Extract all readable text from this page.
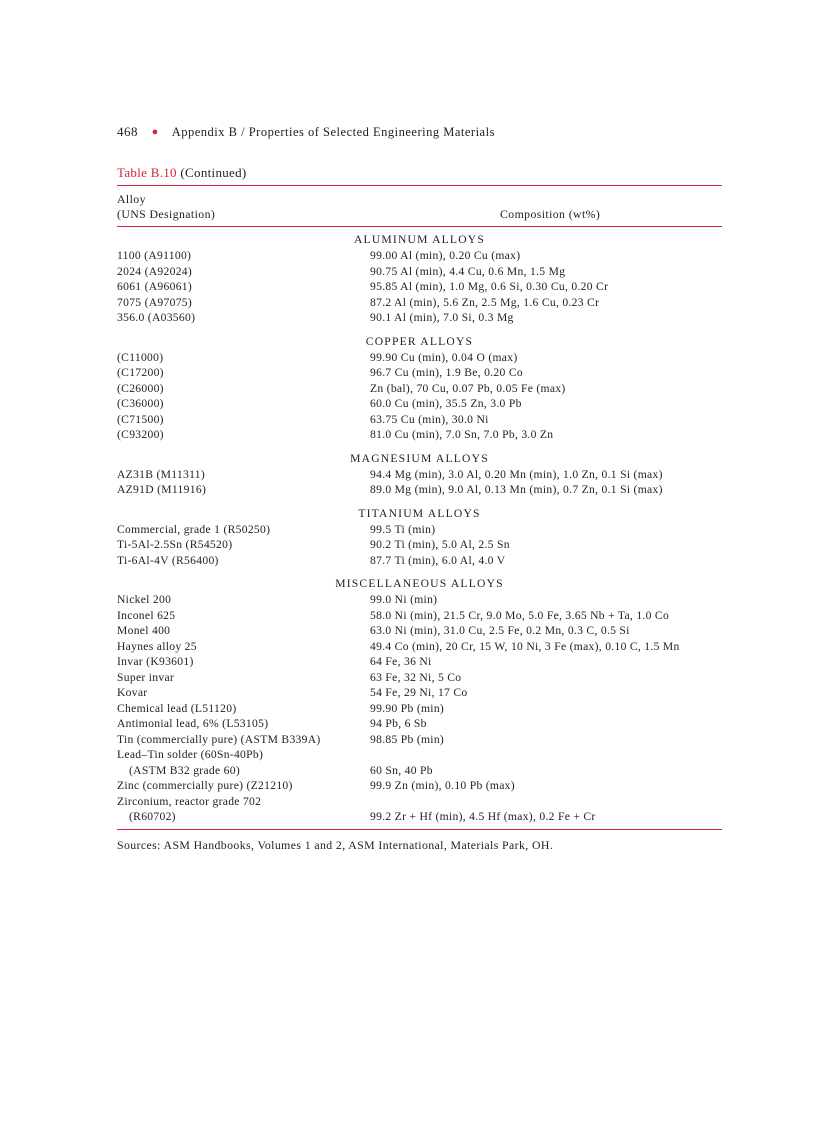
468 ● Appendix B / Properties of Selected Engineering Materials
Table B.10 (Continued)
Alloy
(UNS Designation)	Composition (wt%)
ALUMINUM ALLOYS
1100 (A91100)	99.00 Al (min), 0.20 Cu (max)
2024 (A92024)	90.75 Al (min), 4.4 Cu, 0.6 Mn, 1.5 Mg
6061 (A96061)	95.85 Al (min), 1.0 Mg, 0.6 Si, 0.30 Cu, 0.20 Cr
7075 (A97075)	87.2 Al (min), 5.6 Zn, 2.5 Mg, 1.6 Cu, 0.23 Cr
356.0 (A03560)	90.1 Al (min), 7.0 Si, 0.3 Mg
COPPER ALLOYS
(C11000)	99.90 Cu (min), 0.04 O (max)
(C17200)	96.7 Cu (min), 1.9 Be, 0.20 Co
(C26000)	Zn (bal), 70 Cu, 0.07 Pb, 0.05 Fe (max)
(C36000)	60.0 Cu (min), 35.5 Zn, 3.0 Pb
(C71500)	63.75 Cu (min), 30.0 Ni
(C93200)	81.0 Cu (min), 7.0 Sn, 7.0 Pb, 3.0 Zn
MAGNESIUM ALLOYS
AZ31B (M11311)	94.4 Mg (min), 3.0 Al, 0.20 Mn (min), 1.0 Zn, 0.1 Si (max)
AZ91D (M11916)	89.0 Mg (min), 9.0 Al, 0.13 Mn (min), 0.7 Zn, 0.1 Si (max)
TITANIUM ALLOYS
Commercial, grade 1 (R50250)	99.5 Ti (min)
Ti-5Al-2.5Sn (R54520)	90.2 Ti (min), 5.0 Al, 2.5 Sn
Ti-6Al-4V (R56400)	87.7 Ti (min), 6.0 Al, 4.0 V
MISCELLANEOUS ALLOYS
Nickel 200	99.0 Ni (min)
Inconel 625	58.0 Ni (min), 21.5 Cr, 9.0 Mo, 5.0 Fe, 3.65 Nb + Ta, 1.0 Co
Monel 400	63.0 Ni (min), 31.0 Cu, 2.5 Fe, 0.2 Mn, 0.3 C, 0.5 Si
Haynes alloy 25	49.4 Co (min), 20 Cr, 15 W, 10 Ni, 3 Fe (max), 0.10 C, 1.5 Mn
Invar (K93601)	64 Fe, 36 Ni
Super invar	63 Fe, 32 Ni, 5 Co
Kovar	54 Fe, 29 Ni, 17 Co
Chemical lead (L51120)	99.90 Pb (min)
Antimonial lead, 6% (L53105)	94 Pb, 6 Sb
Tin (commercially pure) (ASTM B339A)	98.85 Pb (min)
Lead–Tin solder (60Sn-40Pb)
(ASTM B32 grade 60)	60 Sn, 40 Pb
Zinc (commercially pure) (Z21210)	99.9 Zn (min), 0.10 Pb (max)
Zirconium, reactor grade 702
(R60702)	99.2 Zr + Hf (min), 4.5 Hf (max), 0.2 Fe + Cr
Sources: ASM Handbooks, Volumes 1 and 2, ASM International, Materials Park, OH.
